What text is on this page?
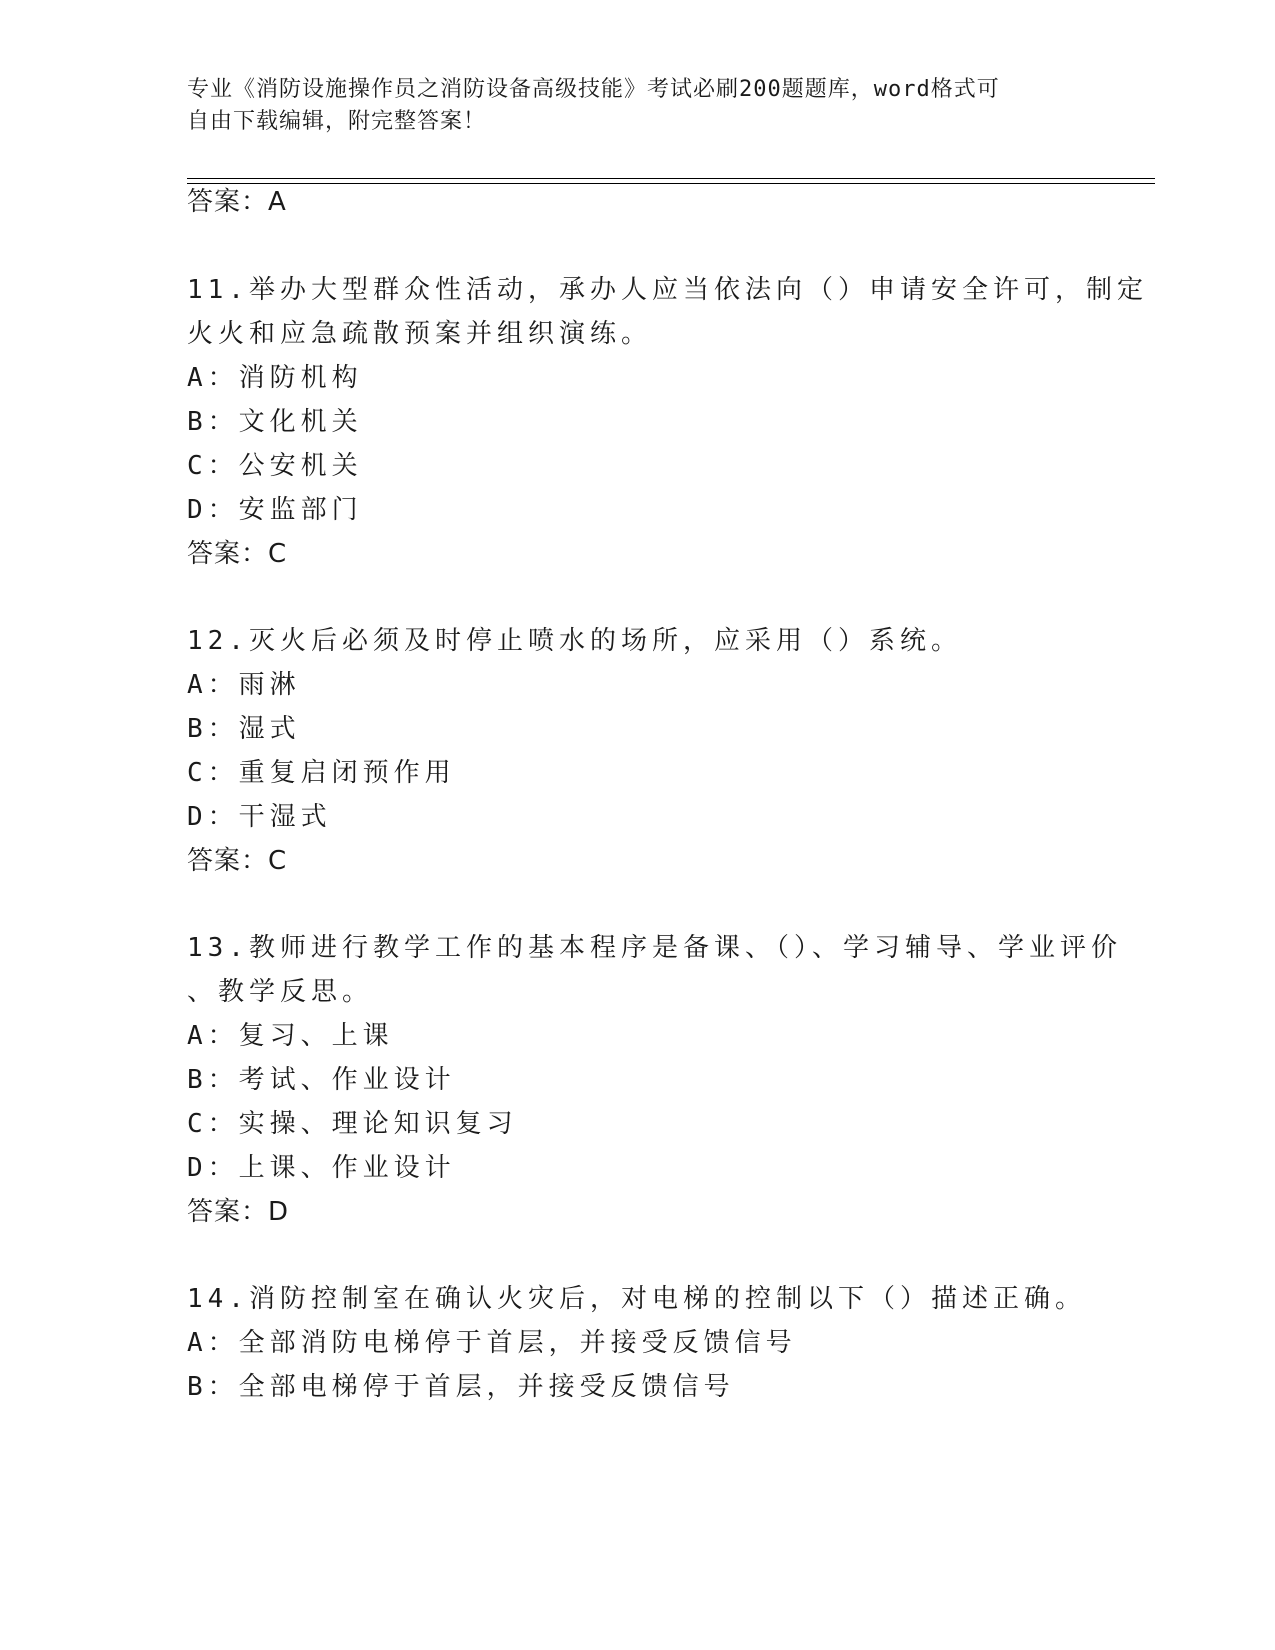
专业《消防设施操作员之消防设备高级技能》考试必刷200题题库，word格式可

自由下载编辑，附完整答案！

答案：A
11.举办大型群众性活动，承办人应当依法向（）申请安全许可，制定
火火和应急疏散预案并组织演练。
A：消防机构
B：文化机关
C：公安机关
D：安监部门
答案：C
12.灭火后必须及时停止喷水的场所，应采用（）系统。
A：雨淋
B：湿式
C：重复启闭预作用
D：干湿式
答案：C
13.教师进行教学工作的基本程序是备课、（）、学习辅导、学业评价
、教学反思。
A：复习、上课
B：考试、作业设计
C：实操、理论知识复习
D：上课、作业设计
答案：D
14.消防控制室在确认火灾后，对电梯的控制以下（）描述正确。
A：全部消防电梯停于首层，并接受反馈信号
B：全部电梯停于首层，并接受反馈信号
